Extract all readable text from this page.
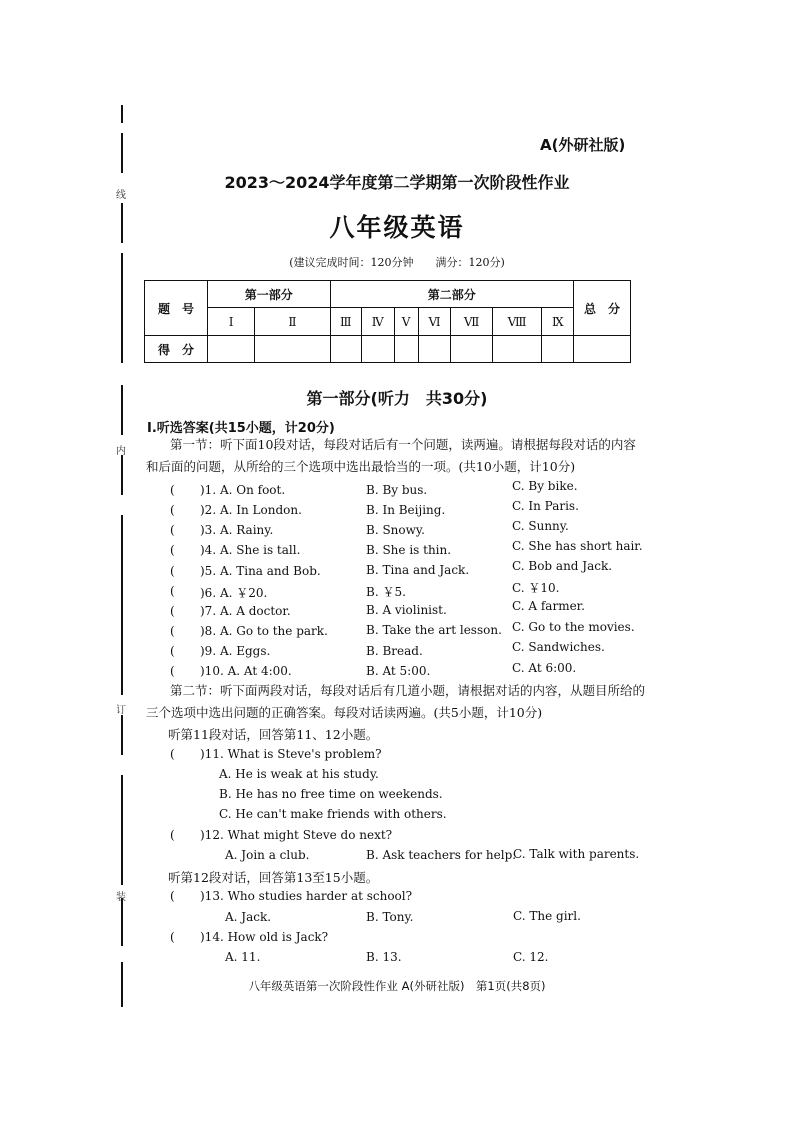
线
内
订
装
A(外研社版)
2023～2024学年度第二学期第一次阶段性作业
八年级英语
(建议完成时间：120分钟　　满分：120分)
题　号	第一部分		第二部分							总　分
	Ⅰ	Ⅱ	Ⅲ	Ⅳ	Ⅴ	Ⅵ	Ⅶ	Ⅷ	Ⅸ	
得　分										
第一部分(听力　共30分)
Ⅰ.听选答案(共15小题，计20分)
第一节：听下面10段对话，每段对话后有一个问题，读两遍。请根据每段对话的内容和后面的问题，从所给的三个选项中选出最恰当的一项。(共10小题，计10分)
( )1. A. On foot.	B. By bus.	C. By bike.
( )2. A. In London.	B. In Beijing.	C. In Paris.
( )3. A. Rainy.	B. Snowy.	C. Sunny.
( )4. A. She is tall.	B. She is thin.	C. She has short hair.
( )5. A. Tina and Bob.	B. Tina and Jack.	C. Bob and Jack.
( )6. A. ￥20.	B. ￥5.	C. ￥10.
( )7. A. A doctor.	B. A violinist.	C. A farmer.
( )8. A. Go to the park.	B. Take the art lesson. C. Go to the movies.
( )9. A. Eggs.	B. Bread.	C. Sandwiches.
( )10. A. At 4:00.	B. At 5:00.	C. At 6:00.
第二节：听下面两段对话，每段对话后有几道小题，请根据对话的内容，从题目所给的三个选项中选出问题的正确答案。每段对话读两遍。(共5小题，计10分)
听第11段对话，回答第11、12小题。
( )11. What is Steve's problem?
A. He is weak at his study.
B. He has no free time on weekends.
C. He can't make friends with others.
( )12. What might Steve do next?
A. Join a club.	B. Ask teachers for help.
C. Talk with parents.
听第12段对话，回答第13至15小题。
( )13. Who studies harder at school?
A. Jack.	B. Tony.	C. The girl.
( )14. How old is Jack?
A. 11.	B. 13.	C. 12.
八年级英语第一次阶段性作业 A(外研社版)　第1页(共8页)
